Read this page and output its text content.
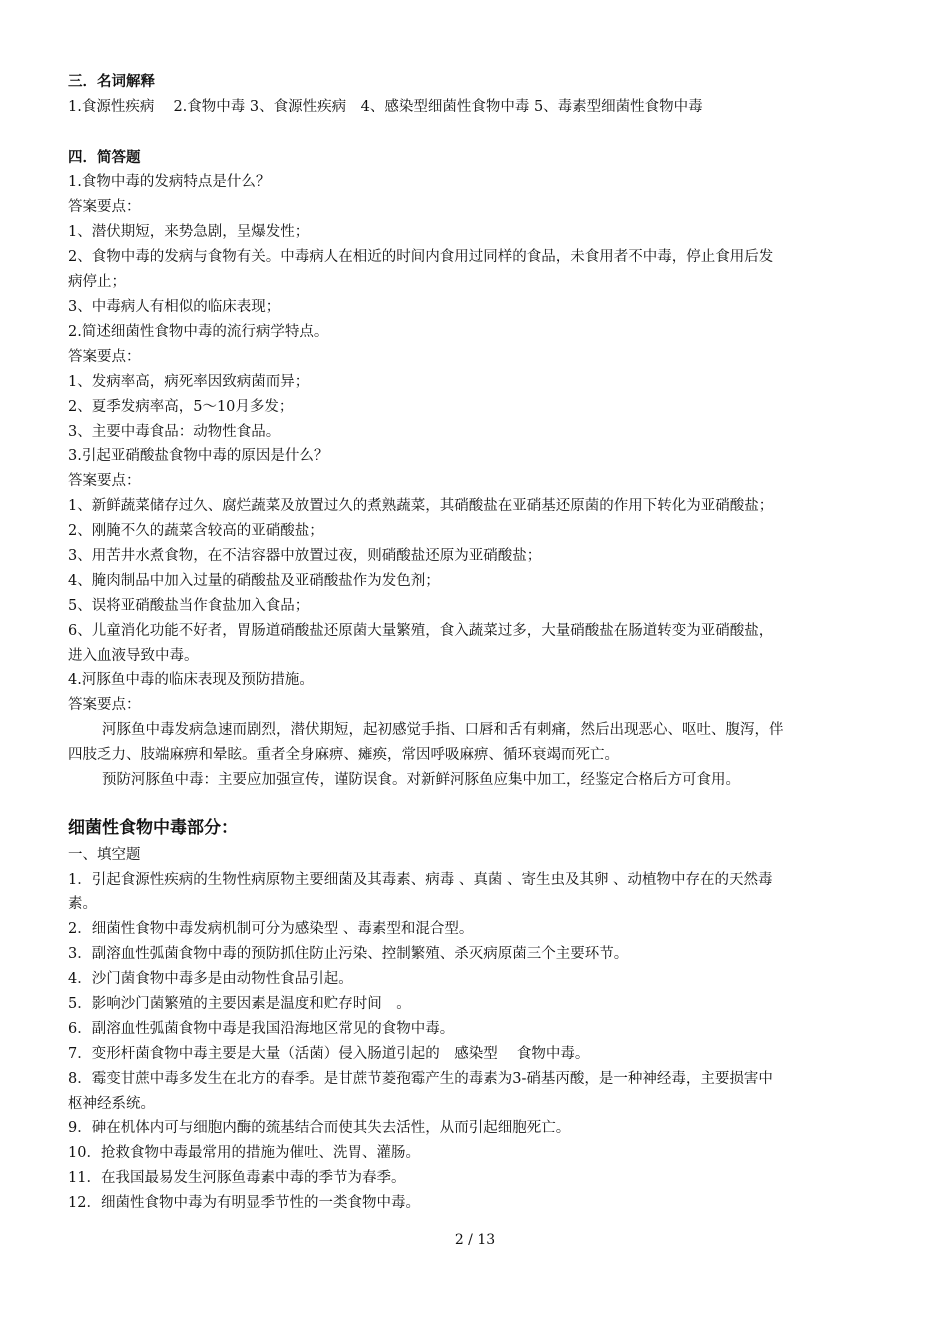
三．名词解释
1.食源性疾病　 2.食物中毒 3、食源性疾病　4、感染型细菌性食物中毒 5、毒素型细菌性食物中毒
四．简答题
1.食物中毒的发病特点是什么？
答案要点：
1、潜伏期短，来势急剧，呈爆发性；
2、食物中毒的发病与食物有关。中毒病人在相近的时间内食用过同样的食品，未食用者不中毒，停止食用后发
病停止；
3、中毒病人有相似的临床表现；
2.简述细菌性食物中毒的流行病学特点。
答案要点：
1、发病率高，病死率因致病菌而异；
2、夏季发病率高，5～10月多发；
3、主要中毒食品：动物性食品。
3.引起亚硝酸盐食物中毒的原因是什么？
答案要点：
1、新鲜蔬菜储存过久、腐烂蔬菜及放置过久的煮熟蔬菜，其硝酸盐在亚硝基还原菌的作用下转化为亚硝酸盐；
2、刚腌不久的蔬菜含较高的亚硝酸盐；
3、用苦井水煮食物，在不洁容器中放置过夜，则硝酸盐还原为亚硝酸盐；
4、腌肉制品中加入过量的硝酸盐及亚硝酸盐作为发色剂；
5、误将亚硝酸盐当作食盐加入食品；
6、儿童消化功能不好者，胃肠道硝酸盐还原菌大量繁殖，食入蔬菜过多，大量硝酸盐在肠道转变为亚硝酸盐，
进入血液导致中毒。
4.河豚鱼中毒的临床表现及预防措施。
答案要点：
河豚鱼中毒发病急速而剧烈，潜伏期短，起初感觉手指、口唇和舌有刺痛，然后出现恶心、呕吐、腹泻，伴
四肢乏力、肢端麻痹和晕眩。重者全身麻痹、瘫痪，常因呼吸麻痹、循环衰竭而死亡。
预防河豚鱼中毒：主要应加强宣传，谨防误食。对新鲜河豚鱼应集中加工，经鉴定合格后方可食用。
细菌性食物中毒部分：
一、填空题
1．引起食源性疾病的生物性病原物主要细菌及其毒素、病毒 、真菌 、寄生虫及其卵 、动植物中存在的天然毒
素。
2．细菌性食物中毒发病机制可分为感染型 、毒素型和混合型。
3．副溶血性弧菌食物中毒的预防抓住防止污染、控制繁殖、杀灭病原菌三个主要环节。
4．沙门菌食物中毒多是由动物性食品引起。
5．影响沙门菌繁殖的主要因素是温度和贮存时间　。
6．副溶血性弧菌食物中毒是我国沿海地区常见的食物中毒。
7．变形杆菌食物中毒主要是大量（活菌）侵入肠道引起的　感染型　 食物中毒。
8．霉变甘蔗中毒多发生在北方的春季。是甘蔗节菱孢霉产生的毒素为3-硝基丙酸，是一种神经毒，主要损害中
枢神经系统。
9．砷在机体内可与细胞内酶的巯基结合而使其失去活性，从而引起细胞死亡。
10．抢救食物中毒最常用的措施为催吐、洗胃、灌肠。
11．在我国最易发生河豚鱼毒素中毒的季节为春季。
12．细菌性食物中毒为有明显季节性的一类食物中毒。
2 / 13
